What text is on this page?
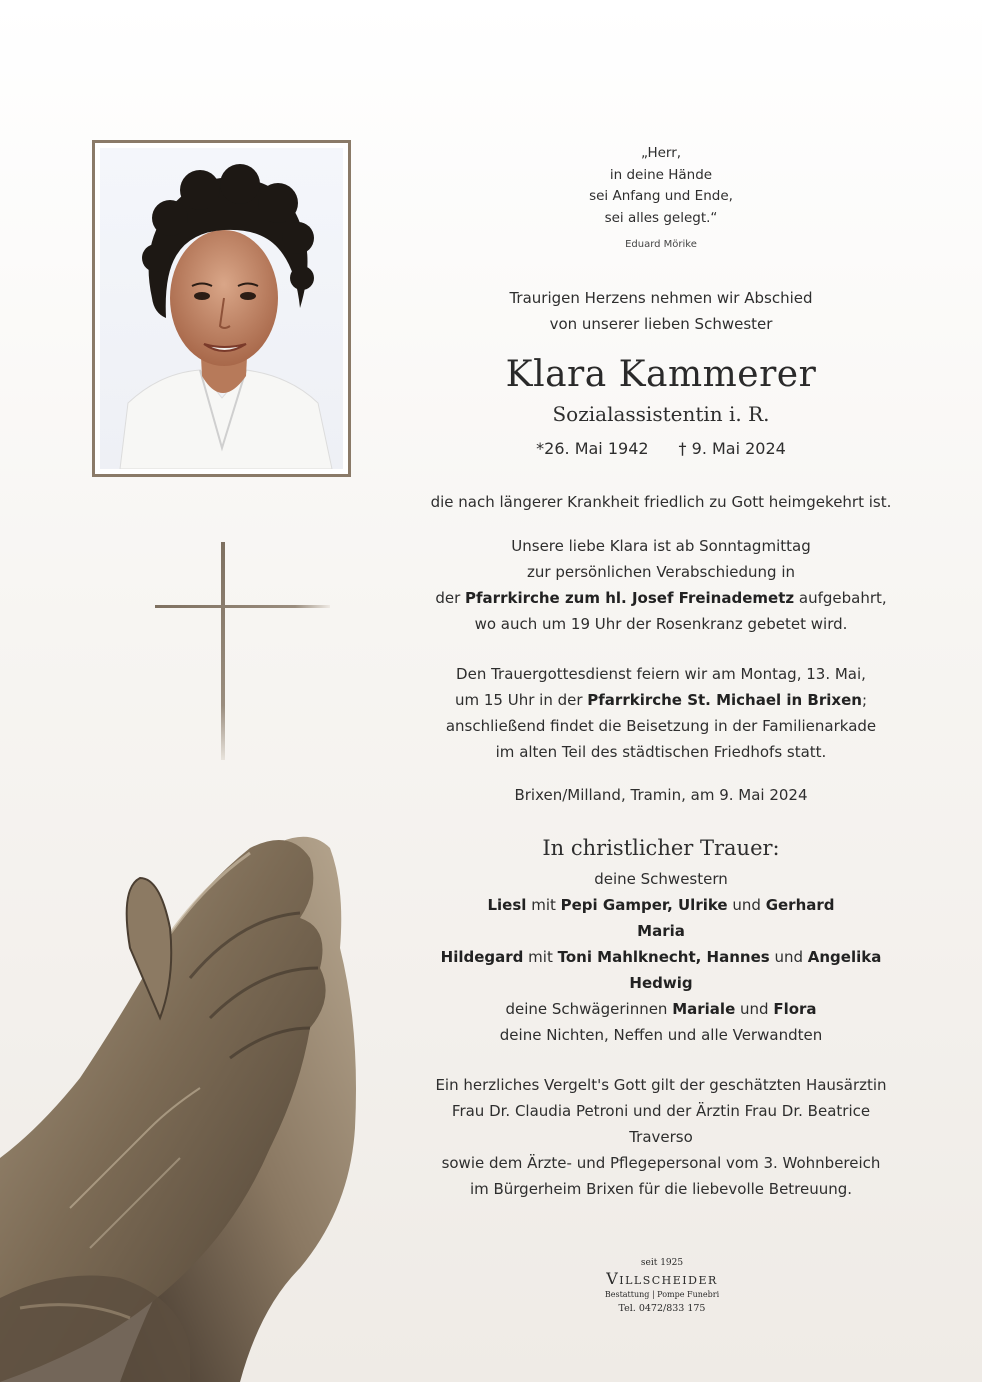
„Herr,
in deine Hände
sei Anfang und Ende,
sei alles gelegt.“
Eduard Mörike
Traurigen Herzens nehmen wir Abschied
von unserer lieben Schwester
Klara Kammerer
Sozialassistentin i. R.
*26. Mai 1942 † 9. Mai 2024
die nach längerer Krankheit friedlich zu Gott heimgekehrt ist.
Unsere liebe Klara ist ab Sonntagmittag
zur persönlichen Verabschiedung in
der Pfarrkirche zum hl. Josef Freinademetz aufgebahrt,
wo auch um 19 Uhr der Rosenkranz gebetet wird.
Den Trauergottesdienst feiern wir am Montag, 13. Mai,
um 15 Uhr in der Pfarrkirche St. Michael in Brixen;
anschließend findet die Beisetzung in der Familienarkade
im alten Teil des städtischen Friedhofs statt.
Brixen/Milland, Tramin, am 9. Mai 2024
In christlicher Trauer:
deine Schwestern
Liesl mit Pepi Gamper, Ulrike und Gerhard
Maria
Hildegard mit Toni Mahlknecht, Hannes und Angelika
Hedwig
deine Schwägerinnen Mariale und Flora
deine Nichten, Neffen und alle Verwandten
Ein herzliches Vergelt's Gott gilt der geschätzten Hausärztin
Frau Dr. Claudia Petroni und der Ärztin Frau Dr. Beatrice Traverso
sowie dem Ärzte- und Pflegepersonal vom 3. Wohnbereich
im Bürgerheim Brixen für die liebevolle Betreuung.
seit 1925
Villscheider
Bestattung | Pompe Funebri
Tel. 0472/833 175
